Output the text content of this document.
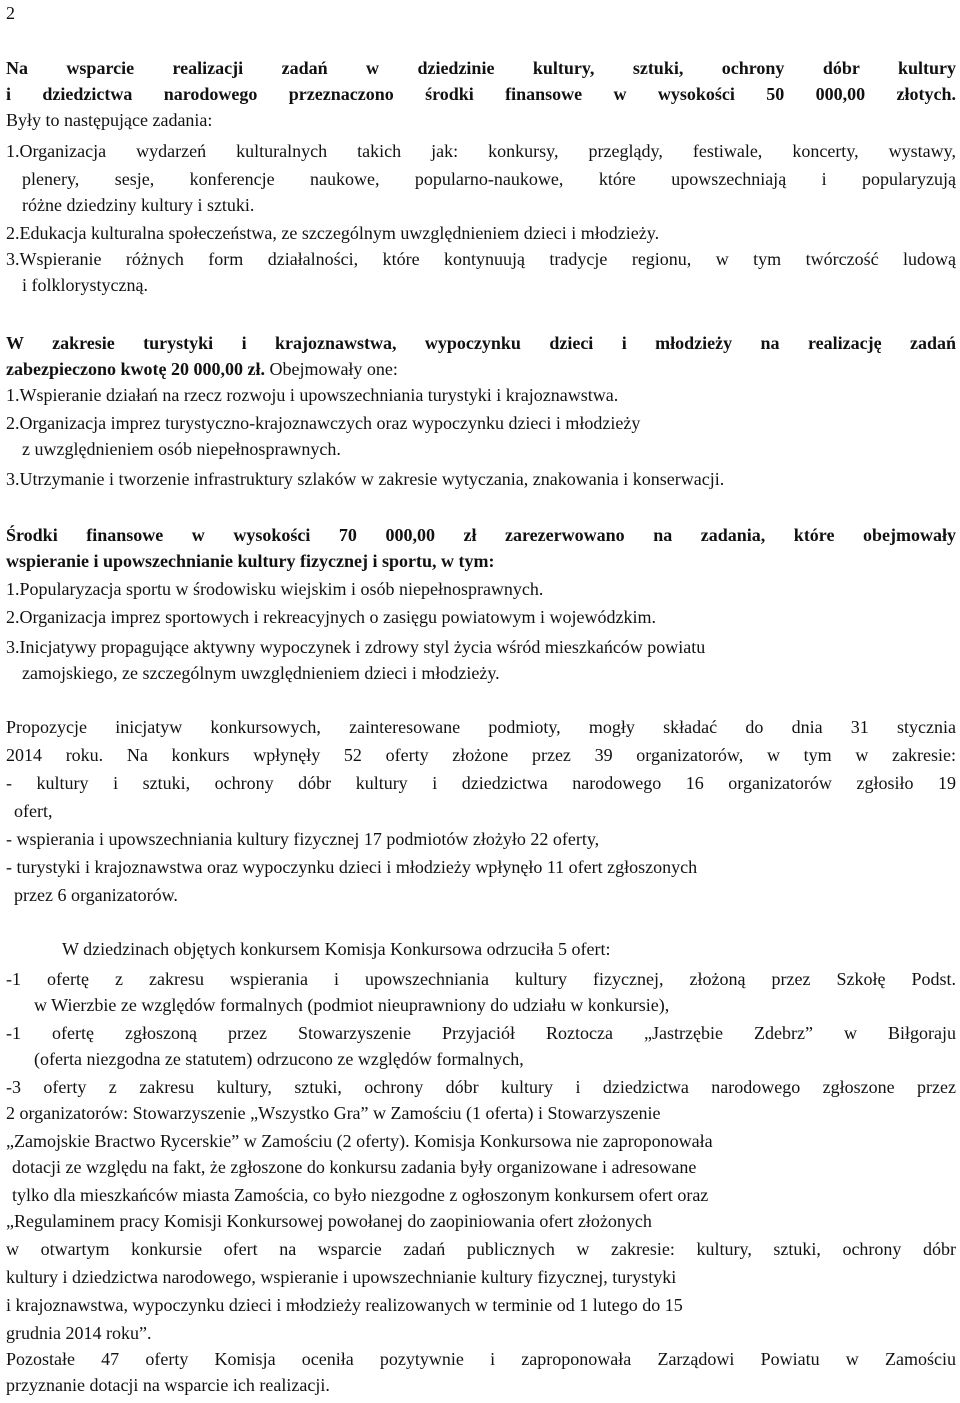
2

Na wsparcie realizacji zadań w dziedzinie kultury, sztuki, ochrony dóbr kultury

i dziedzictwa narodowego przeznaczono środki finansowe w wysokości 50 000,00 złotych.

Były to następujące zadania:

1.Organizacja wydarzeń kulturalnych takich jak: konkursy, przeglądy, festiwale, koncerty, wystawy,

plenery, sesje, konferencje naukowe, popularno-naukowe, które upowszechniają i popularyzują

różne dziedziny kultury i sztuki.

2.Edukacja kulturalna społeczeństwa, ze szczególnym uwzględnieniem dzieci i młodzieży.

3.Wspieranie różnych form działalności, które kontynuują tradycje regionu, w tym twórczość ludową

i folklorystyczną.

W zakresie turystyki i krajoznawstwa, wypoczynku dzieci i młodzieży na realizację zadań

zabezpieczono kwotę 20 000,00 zł. Obejmowały one:

1.Wspieranie działań na rzecz rozwoju i upowszechniania turystyki i krajoznawstwa.

2.Organizacja imprez turystyczno-krajoznawczych oraz wypoczynku dzieci i młodzieży

z uwzględnieniem osób niepełnosprawnych.

3.Utrzymanie i tworzenie infrastruktury szlaków w zakresie wytyczania, znakowania i konserwacji.

Środki finansowe w wysokości 70 000,00 zł zarezerwowano na zadania, które obejmowały

wspieranie i upowszechnianie kultury fizycznej i sportu, w tym:

1.Popularyzacja sportu w środowisku wiejskim i osób niepełnosprawnych.

2.Organizacja imprez sportowych i rekreacyjnych o zasięgu powiatowym i wojewódzkim.

3.Inicjatywy propagujące aktywny wypoczynek i zdrowy styl życia wśród mieszkańców powiatu

zamojskiego, ze szczególnym uwzględnieniem dzieci i młodzieży.

Propozycje inicjatyw konkursowych, zainteresowane podmioty, mogły składać do dnia 31 stycznia

2014 roku. Na konkurs wpłynęły 52 oferty złożone przez 39 organizatorów, w tym w zakresie:

- kultury i sztuki, ochrony dóbr kultury i dziedzictwa narodowego 16 organizatorów zgłosiło 19

ofert,

- wspierania i upowszechniania kultury fizycznej 17 podmiotów złożyło 22 oferty,

- turystyki i krajoznawstwa oraz wypoczynku dzieci i młodzieży wpłynęło 11 ofert zgłoszonych

przez 6 organizatorów.

W dziedzinach objętych konkursem Komisja Konkursowa odrzuciła 5 ofert:

-1 ofertę z zakresu wspierania i upowszechniania kultury fizycznej, złożoną przez Szkołę Podst.

w Wierzbie ze względów formalnych (podmiot nieuprawniony do udziału w konkursie),

-1 ofertę zgłoszoną przez Stowarzyszenie Przyjaciół Roztocza „Jastrzębie Zdebrz” w Biłgoraju

(oferta niezgodna ze statutem) odrzucono ze względów formalnych,

-3 oferty z zakresu kultury, sztuki, ochrony dóbr kultury i dziedzictwa narodowego zgłoszone przez

2 organizatorów: Stowarzyszenie „Wszystko Gra” w Zamościu (1 oferta) i Stowarzyszenie

„Zamojskie Bractwo Rycerskie” w Zamościu (2 oferty). Komisja Konkursowa nie zaproponowała

dotacji ze względu na fakt, że zgłoszone do konkursu zadania były organizowane i adresowane

tylko dla mieszkańców miasta Zamościa, co było niezgodne z ogłoszonym konkursem ofert oraz

„Regulaminem pracy Komisji Konkursowej powołanej do zaopiniowania ofert złożonych

w otwartym konkursie ofert na wsparcie zadań publicznych w zakresie: kultury, sztuki, ochrony dóbr

kultury i dziedzictwa narodowego, wspieranie i upowszechnianie kultury fizycznej, turystyki

i krajoznawstwa, wypoczynku dzieci i młodzieży realizowanych w terminie od 1 lutego do 15

grudnia 2014 roku”.

Pozostałe 47 oferty Komisja oceniła pozytywnie i zaproponowała Zarządowi Powiatu w Zamościu

przyznanie dotacji na wsparcie ich realizacji.
